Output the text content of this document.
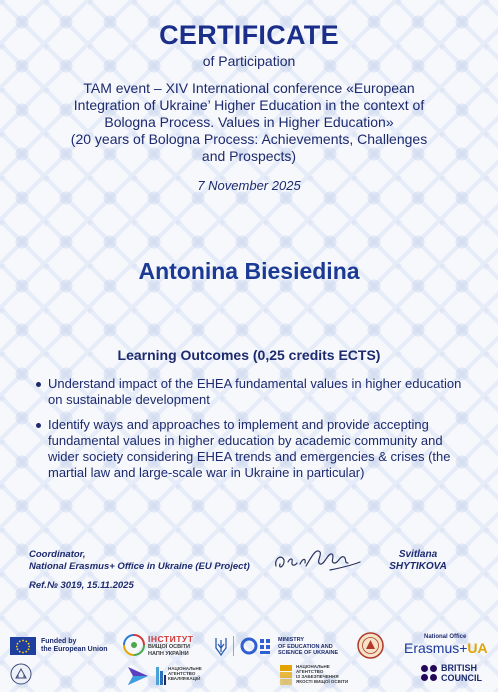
CERTIFICATE
of Participation

TAM event – XIV International conference «European

Integration of Ukraine’ Higher Education in the context of

Bologna Process. Values in Higher Education»

(20 years of Bologna Process: Achievements, Challenges

and Prospects)

7 November 2025
Antonina Biesiedina
Learning Outcomes (0,25 credits ECTS)
Understand impact of the EHEA fundamental values in higher education on sustainable development
Identify ways and approaches to implement and provide accepting fundamental values in higher education by academic community and wider society considering EHEA trends and emergencies & crises (the martial law and large-scale war in Ukraine in particular)
Coordinator,
National Erasmus+ Office in Ukraine (EU Project)
Ref.№ 3019, 15.11.2025
Svitlana
SHYTIKOVA
Funded by
the European Union
ІНСТИТУТ
ВИЩОЇ ОСВІТИ
НАПН УКРАЇНИ
MINISTRY
OF EDUCATION AND
SCIENCE OF UKRAINE
National Office
Erasmus+UA
НАЦІОНАЛЬНЕ
АГЕНТСТВО
КВАЛІФІКАЦІЙ
НАЦІОНАЛЬНЕ
АГЕНТСТВО
ІЗ ЗАБЕЗПЕЧЕННЯ
ЯКОСТІ ВИЩОЇ ОСВІТИ
BRITISH
COUNCIL
